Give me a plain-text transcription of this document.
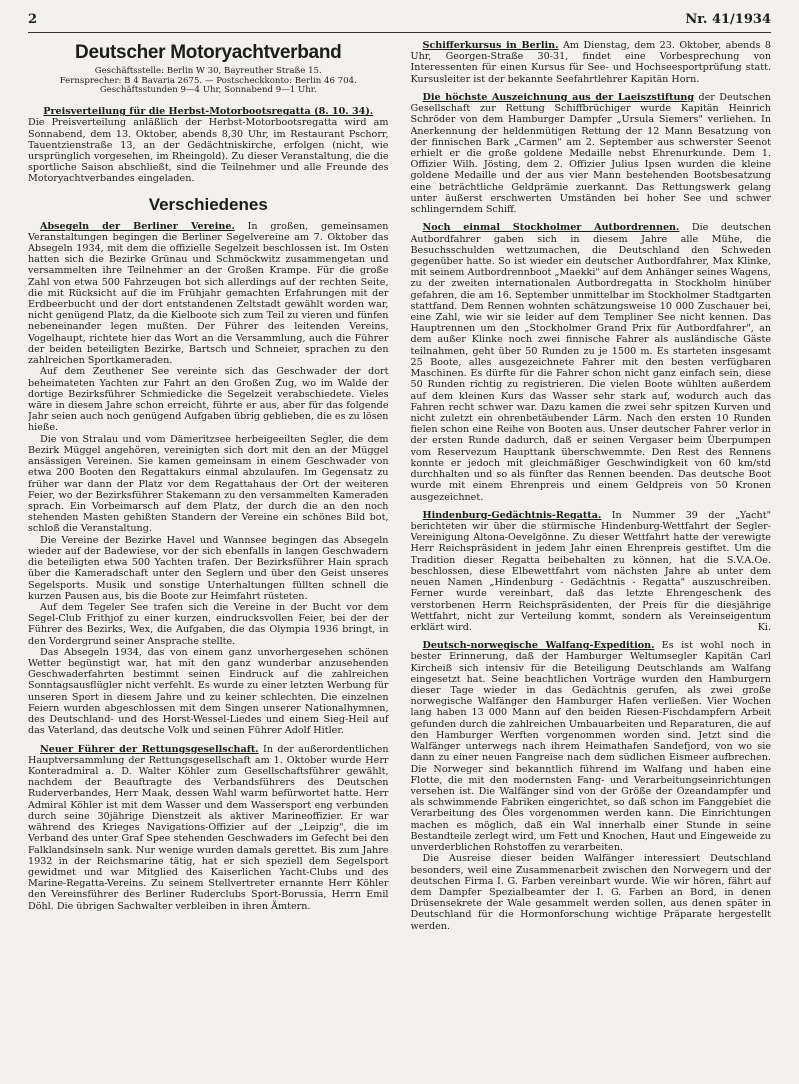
2	Nr. 41/1934
Deutscher Motoryachtverband
Geschäftsstelle: Berlin W 30, Bayreuther Straße 15.
Fernsprecher: B 4 Bavaria 2675. — Postscheckkonto: Berlin 46 704.
Geschäftsstunden 9—4 Uhr, Sonnabend 9—1 Uhr.
Preisverteilung für die Herbst-Motorbootsregatta (8. 10. 34).

Die Preisverteilung anläßlich der Herbst-Motorbootsregatta wird am Sonnabend, dem 13. Oktober, abends 8,30 Uhr, im Restaurant Pschorr, Tauentzienstraße 13, an der Gedächtniskirche, erfolgen (nicht, wie ursprünglich vorgesehen, im Rheingold). Zu dieser Veranstaltung, die die sportliche Saison abschließt, sind die Teilnehmer und alle Freunde des Motoryachtverbandes eingeladen.

Verschiedenes

Absegeln der Berliner Vereine. In großen, gemeinsamen Veranstaltungen begingen die Berliner Segelvereine am 7. Oktober das Absegeln 1934, mit dem die offizielle Segelzeit beschlossen ist. Im Osten hatten sich die Bezirke Grünau und Schmöckwitz zusammengetan und versammelten ihre Teilnehmer an der Großen Krampe. Für die große Zahl von etwa 500 Fahrzeugen bot sich allerdings auf der rechten Seite, die mit Rücksicht auf die im Frühjahr gemachten Erfahrungen mit der Erdbeerbucht und der dort entstandenen Zeltstadt gewählt worden war, nicht genügend Platz, da die Kielboote sich zum Teil zu vieren und fünfen nebeneinander legen mußten. Der Führer des leitenden Vereins, Vogelhaupt, richtete hier das Wort an die Versammlung, auch die Führer der beiden beteiligten Bezirke, Bartsch und Schneier, sprachen zu den zahlreichen Sportkameraden.

Auf dem Zeuthener See vereinte sich das Geschwader der dort beheimateten Yachten zur Fahrt an den Großen Zug, wo im Walde der dortige Bezirksführer Schmiedicke die Segelzeit verabschiedete. Vieles wäre in diesem Jahre schon erreicht, führte er aus, aber für das folgende Jahr seien auch noch genügend Aufgaben übrig geblieben, die es zu lösen hieße.

Die von Stralau und vom Dämeritzsee herbeigeeilten Segler, die dem Bezirk Müggel angehören, vereinigten sich dort mit den an der Müggel ansässigen Vereinen. Sie kamen gemeinsam in einem Geschwader von etwa 200 Booten den Regattakurs einmal abzulaufen. Im Gegensatz zu früher war dann der Platz vor dem Regattahaus der Ort der weiteren Feier, wo der Bezirksführer Stakemann zu den versammelten Kameraden sprach. Ein Vorbeimarsch auf dem Platz, der durch die an den noch stehenden Masten gehißten Standern der Vereine ein schönes Bild bot, schloß die Veranstaltung.

Die Vereine der Bezirke Havel und Wannsee begingen das Absegeln wieder auf der Badewiese, vor der sich ebenfalls in langen Geschwadern die beteiligten etwa 500 Yachten trafen. Der Bezirksführer Hain sprach über die Kameradschaft unter den Seglern und über den Geist unseres Segelsports. Musik und sonstige Unterhaltungen füllten schnell die kurzen Pausen aus, bis die Boote zur Heimfahrt rüsteten.

Auf dem Tegeler See trafen sich die Vereine in der Bucht vor dem Segel-Club Frithjof zu einer kurzen, eindrucksvollen Feier, bei der der Führer des Bezirks, Wex, die Aufgaben, die das Olympia 1936 bringt, in den Vordergrund seiner Ansprache stellte.

Das Absegeln 1934, das von einem ganz unvorhergesehen schönen Wetter begünstigt war, hat mit den ganz wunderbar anzusehenden Geschwaderfahrten bestimmt seinen Eindruck auf die zahlreichen Sonntagsausflügler nicht verfehlt. Es wurde zu einer letzten Werbung für unseren Sport in diesem Jahre und zu keiner schlechten. Die einzelnen Feiern wurden abgeschlossen mit dem Singen unserer Nationalhymnen, des Deutschland- und des Horst-Wessel-Liedes und einem Sieg-Heil auf das Vaterland, das deutsche Volk und seinen Führer Adolf Hitler.

Neuer Führer der Rettungsgesellschaft. In der außerordentlichen Hauptversammlung der Rettungsgesellschaft am 1. Oktober wurde Herr Konteradmiral a. D. Walter Köhler zum Gesellschaftsführer gewählt, nachdem der Beauftragte des Verbandsführers des Deutschen Ruderverbandes, Herr Maak, dessen Wahl warm befürwortet hatte. Herr Admiral Köhler ist mit dem Wasser und dem Wassersport eng verbunden durch seine 30jährige Dienstzeit als aktiver Marineoffizier. Er war während des Krieges Navigations-Offizier auf der „Leipzig", die im Verband des unter Graf Spee stehenden Geschwaders im Gefecht bei den Falklandsinseln sank. Nur wenige wurden damals gerettet. Bis zum Jahre 1932 in der Reichsmarine tätig, hat er sich speziell dem Segelsport gewidmet und war Mitglied des Kaiserlichen Yacht-Clubs und des Marine-Regatta-Vereins. Zu seinem Stellvertreter ernannte Herr Köhler den Vereinsführer des Berliner Ruderclubs Sport-Borussia, Herrn Emil Döhl. Die übrigen Sachwalter verbleiben in ihren Ämtern.

Schifferkursus in Berlin. Am Dienstag, dem 23. Oktober, abends 8 Uhr, Georgen-Straße 30-31, findet eine Vorbesprechung von Interessenten für einen Kursus für See- und Hochseesportprüfung statt. Kursusleiter ist der bekannte Seefahrtlehrer Kapitän Horn.

Die höchste Auszeichnung aus der Laeiszstiftung der Deutschen Gesellschaft zur Rettung Schiffbrüchiger wurde Kapitän Heinrich Schröder von dem Hamburger Dampfer „Ursula Siemers" verliehen. In Anerkennung der heldenmütigen Rettung der 12 Mann Besatzung von der finnischen Bark „Carmen" am 2. September aus schwerster Seenot erhielt er die große goldene Medaille nebst Ehrenurkunde. Dem 1. Offizier Wilh. Jösting, dem 2. Offizier Julius Ipsen wurden die kleine goldene Medaille und der aus vier Mann bestehenden Bootsbesatzung eine beträchtliche Geldprämie zuerkannt. Das Rettungswerk gelang unter äußerst erschwerten Umständen bei hoher See und schwer schlingerndem Schiff.

Noch einmal Stockholmer Autbordrennen. Die deutschen Autbordfahrer gaben sich in diesem Jahre alle Mühe, die Besuchsschulden wettzumachen, die Deutschland den Schweden gegenüber hatte. So ist wieder ein deutscher Autbordfahrer, Max Klinke, mit seinem Autbordrennboot „Maekki" auf dem Anhänger seines Wagens, zu der zweiten internationalen Autbordregatta in Stockholm hinüber gefahren, die am 16. September unmittelbar im Stockholmer Stadtgarten stattfand. Dem Rennen wohnten schätzungsweise 10 000 Zuschauer bei, eine Zahl, wie wir sie leider auf dem Templiner See nicht kennen. Das Hauptrennen um den „Stockholmer Grand Prix für Autbordfahrer", an dem außer Klinke noch zwei finnische Fahrer als ausländische Gäste teilnahmen, geht über 50 Runden zu je 1500 m. Es starteten insgesamt 25 Boote, alles ausgezeichnete Fahrer mit den besten verfügbaren Maschinen. Es dürfte für die Fahrer schon nicht ganz einfach sein, diese 50 Runden richtig zu registrieren. Die vielen Boote wühlten außerdem auf dem kleinen Kurs das Wasser sehr stark auf, wodurch auch das Fahren recht schwer war. Dazu kamen die zwei sehr spitzen Kurven und nicht zuletzt ein ohrenbetäubender Lärm. Nach den ersten 10 Runden fielen schon eine Reihe von Booten aus. Unser deutscher Fahrer verlor in der ersten Runde dadurch, daß er seinen Vergaser beim Überpumpen vom Reservezum Haupttank überschwemmte. Den Rest des Rennens konnte er jedoch mit gleichmäßiger Geschwindigkeit von 60 km/std durchhalten und so als fünfter das Rennen beenden. Das deutsche Boot wurde mit einem Ehrenpreis und einem Geldpreis von 50 Kronen ausgezeichnet.

Hindenburg-Gedächtnis-Regatta. In Nummer 39 der „Yacht" berichteten wir über die stürmische Hindenburg-Wettfahrt der Segler-Vereinigung Altona-Oevelgönne. Zu dieser Wettfahrt hatte der verewigte Herr Reichspräsident in jedem Jahr einen Ehrenpreis gestiftet. Um die Tradition dieser Regatta beibehalten zu können, hat die S.V.A.Oe. beschlossen, diese Elbewettfahrt vom nächsten Jahre ab unter dem neuen Namen „Hindenburg - Gedächtnis - Regatta" auszuschreiben. Ferner wurde vereinbart, daß das letzte Ehrengeschenk des verstorbenen Herrn Reichspräsidenten, der Preis für die diesjährige Wettfahrt, nicht zur Verteilung kommt, sondern als Vereinseigentum erklärt wird.	Ki.

Deutsch-norwegische Walfang-Expedition. Es ist wohl noch in bester Erinnerung, daß der Hamburger Weltumsegler Kapitän Carl Kircheiß sich intensiv für die Beteiligung Deutschlands am Walfang eingesetzt hat. Seine beachtlichen Vorträge wurden den Hamburgern dieser Tage wieder in das Gedächtnis gerufen, als zwei große norwegische Walfänger den Hamburger Hafen verließen. Vier Wochen lang haben 13 000 Mann auf den beiden Riesen-Fischdampfern Arbeit gefunden durch die zahlreichen Umbauarbeiten und Reparaturen, die auf den Hamburger Werften vorgenommen worden sind. Jetzt sind die Walfänger unterwegs nach ihrem Heimathafen Sandefjord, von wo sie dann zu einer neuen Fangreise nach dem südlichen Eismeer aufbrechen. Die Norweger sind bekanntlich führend im Walfang und haben eine Flotte, die mit den modernsten Fang- und Verarbeitungseinrichtungen versehen ist. Die Walfänger sind von der Größe der Ozeandampfer und als schwimmende Fabriken eingerichtet, so daß schon im Fanggebiet die Verarbeitung des Öles vorgenommen werden kann. Die Einrichtungen machen es möglich, daß ein Wal innerhalb einer Stunde in seine Bestandteile zerlegt wird, um Fett und Knochen, Haut und Eingeweide zu unverderblichen Rohstoffen zu verarbeiten.

Die Ausreise dieser beiden Walfänger interessiert Deutschland besonders, weil eine Zusammenarbeit zwischen den Norwegern und der deutschen Firma I. G. Farben vereinbart wurde. Wie wir hören, fährt auf dem Dampfer Spezialbeamter der I. G. Farben an Bord, in denen Drüsensekrete der Wale gesammelt werden sollen, aus denen später in Deutschland für die Hormonforschung wichtige Präparate hergestellt werden.
